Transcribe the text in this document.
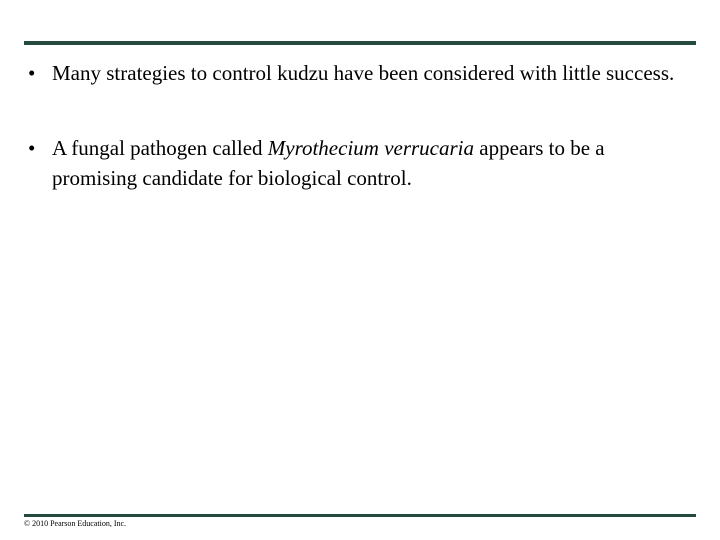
• Many strategies to control kudzu have been considered with little success.
• A fungal pathogen called Myrothecium verrucaria appears to be a promising candidate for biological control.
© 2010 Pearson Education, Inc.
